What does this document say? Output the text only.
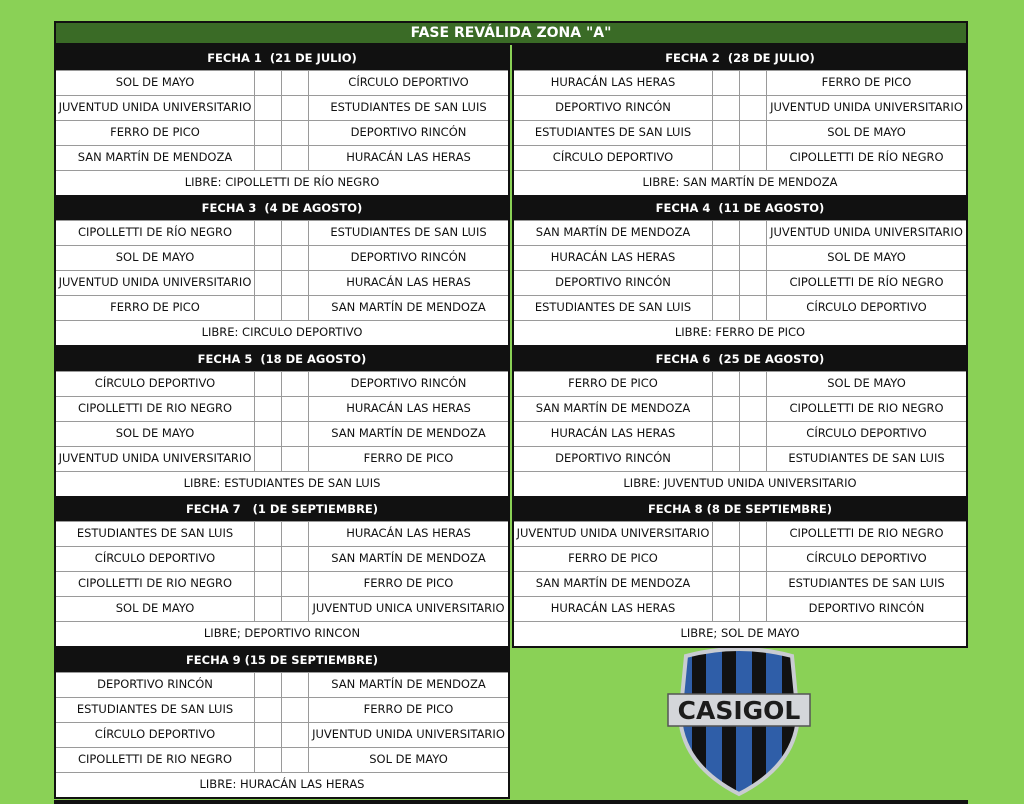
FASE REVÁLIDA ZONA "A"
FECHA 1  (21 DE JULIO)
SOL DE MAYO	CÍRCULO DEPORTIVO
JUVENTUD UNIDA UNIVERSITARIO	ESTUDIANTES DE SAN LUIS
FERRO DE PICO	DEPORTIVO RINCÓN
SAN MARTÍN DE MENDOZA	HURACÁN LAS HERAS
LIBRE: CIPOLLETTI DE RÍO NEGRO
FECHA 2  (28 DE JULIO)
HURACÁN LAS HERAS	FERRO DE PICO
DEPORTIVO RINCÓN	JUVENTUD UNIDA UNIVERSITARIO
ESTUDIANTES DE SAN LUIS	SOL DE MAYO
CÍRCULO DEPORTIVO	CIPOLLETTI DE RÍO NEGRO
LIBRE: SAN MARTÍN DE MENDOZA
FECHA 3  (4 DE AGOSTO)
CIPOLLETTI DE RÍO NEGRO	ESTUDIANTES DE SAN LUIS
SOL DE MAYO	DEPORTIVO RINCÓN
JUVENTUD UNIDA UNIVERSITARIO	HURACÁN LAS HERAS
FERRO DE PICO	SAN MARTÍN DE MENDOZA
LIBRE: CIRCULO DEPORTIVO
FECHA 4  (11 DE AGOSTO)
SAN MARTÍN DE MENDOZA	JUVENTUD UNIDA UNIVERSITARIO
HURACÁN LAS HERAS	SOL DE MAYO
DEPORTIVO RINCÓN	CIPOLLETTI DE RÍO NEGRO
ESTUDIANTES DE SAN LUIS	CÍRCULO DEPORTIVO
LIBRE: FERRO DE PICO
FECHA 5  (18 DE AGOSTO)
CÍRCULO DEPORTIVO	DEPORTIVO RINCÓN
CIPOLLETTI DE RIO NEGRO	HURACÁN LAS HERAS
SOL DE MAYO	SAN MARTÍN DE MENDOZA
JUVENTUD UNIDA UNIVERSITARIO	FERRO DE PICO
LIBRE: ESTUDIANTES DE SAN LUIS
FECHA 6  (25 DE AGOSTO)
FERRO DE PICO	SOL DE MAYO
SAN MARTÍN DE MENDOZA	CIPOLLETTI DE RIO NEGRO
HURACÁN LAS HERAS	CÍRCULO DEPORTIVO
DEPORTIVO RINCÓN	ESTUDIANTES DE SAN LUIS
LIBRE: JUVENTUD UNIDA UNIVERSITARIO
FECHA 7   (1 DE SEPTIEMBRE)
ESTUDIANTES DE SAN LUIS	HURACÁN LAS HERAS
CÍRCULO DEPORTIVO	SAN MARTÍN DE MENDOZA
CIPOLLETTI DE RIO NEGRO	FERRO DE PICO
SOL DE MAYO	JUVENTUD UNICA UNIVERSITARIO
LIBRE; DEPORTIVO RINCON
FECHA 8 (8 DE SEPTIEMBRE)
JUVENTUD UNIDA UNIVERSITARIO	CIPOLLETTI DE RIO NEGRO
FERRO DE PICO	CÍRCULO DEPORTIVO
SAN MARTÍN DE MENDOZA	ESTUDIANTES DE SAN LUIS
HURACÁN LAS HERAS	DEPORTIVO RINCÓN
LIBRE; SOL DE MAYO
FECHA 9 (15 DE SEPTIEMBRE)
DEPORTIVO RINCÓN	SAN MARTÍN DE MENDOZA
ESTUDIANTES DE SAN LUIS	FERRO DE PICO
CÍRCULO DEPORTIVO	JUVENTUD UNIDA UNIVERSITARIO
CIPOLLETTI DE RIO NEGRO	SOL DE MAYO
LIBRE: HURACÁN LAS HERAS
CASIGOL
